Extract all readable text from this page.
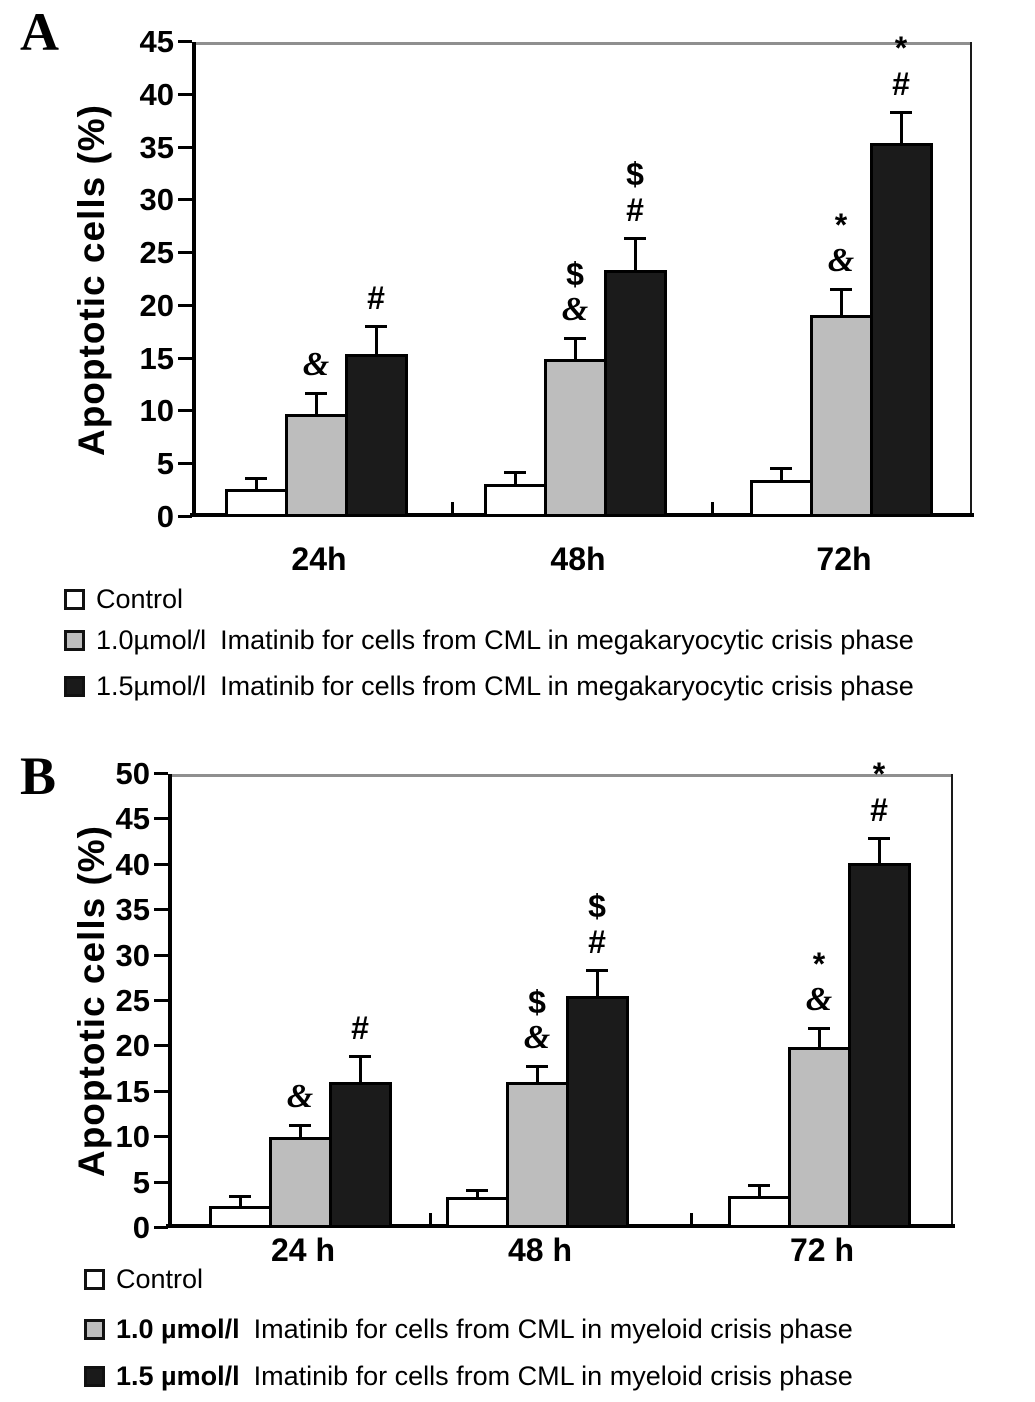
A
Apoptotic cells (%)
0
5
10
15
20
25
30
35
40
45
24h
&
#
48h
$
&
$
#
72h
*
&
*
#
Control
1.0µmol/l Imatinib for cells from CML in megakaryocytic crisis phase
1.5µmol/l Imatinib for cells from CML in megakaryocytic crisis phase
B
Apoptotic cells (%)
0
5
10
15
20
25
30
35
40
45
50
24 h
&
#
48 h
$
&
$
#
72 h
*
&
*
#
Control
1.0 µmol/l Imatinib for cells from CML in myeloid crisis phase
1.5 µmol/l Imatinib for cells from CML in myeloid crisis phase
